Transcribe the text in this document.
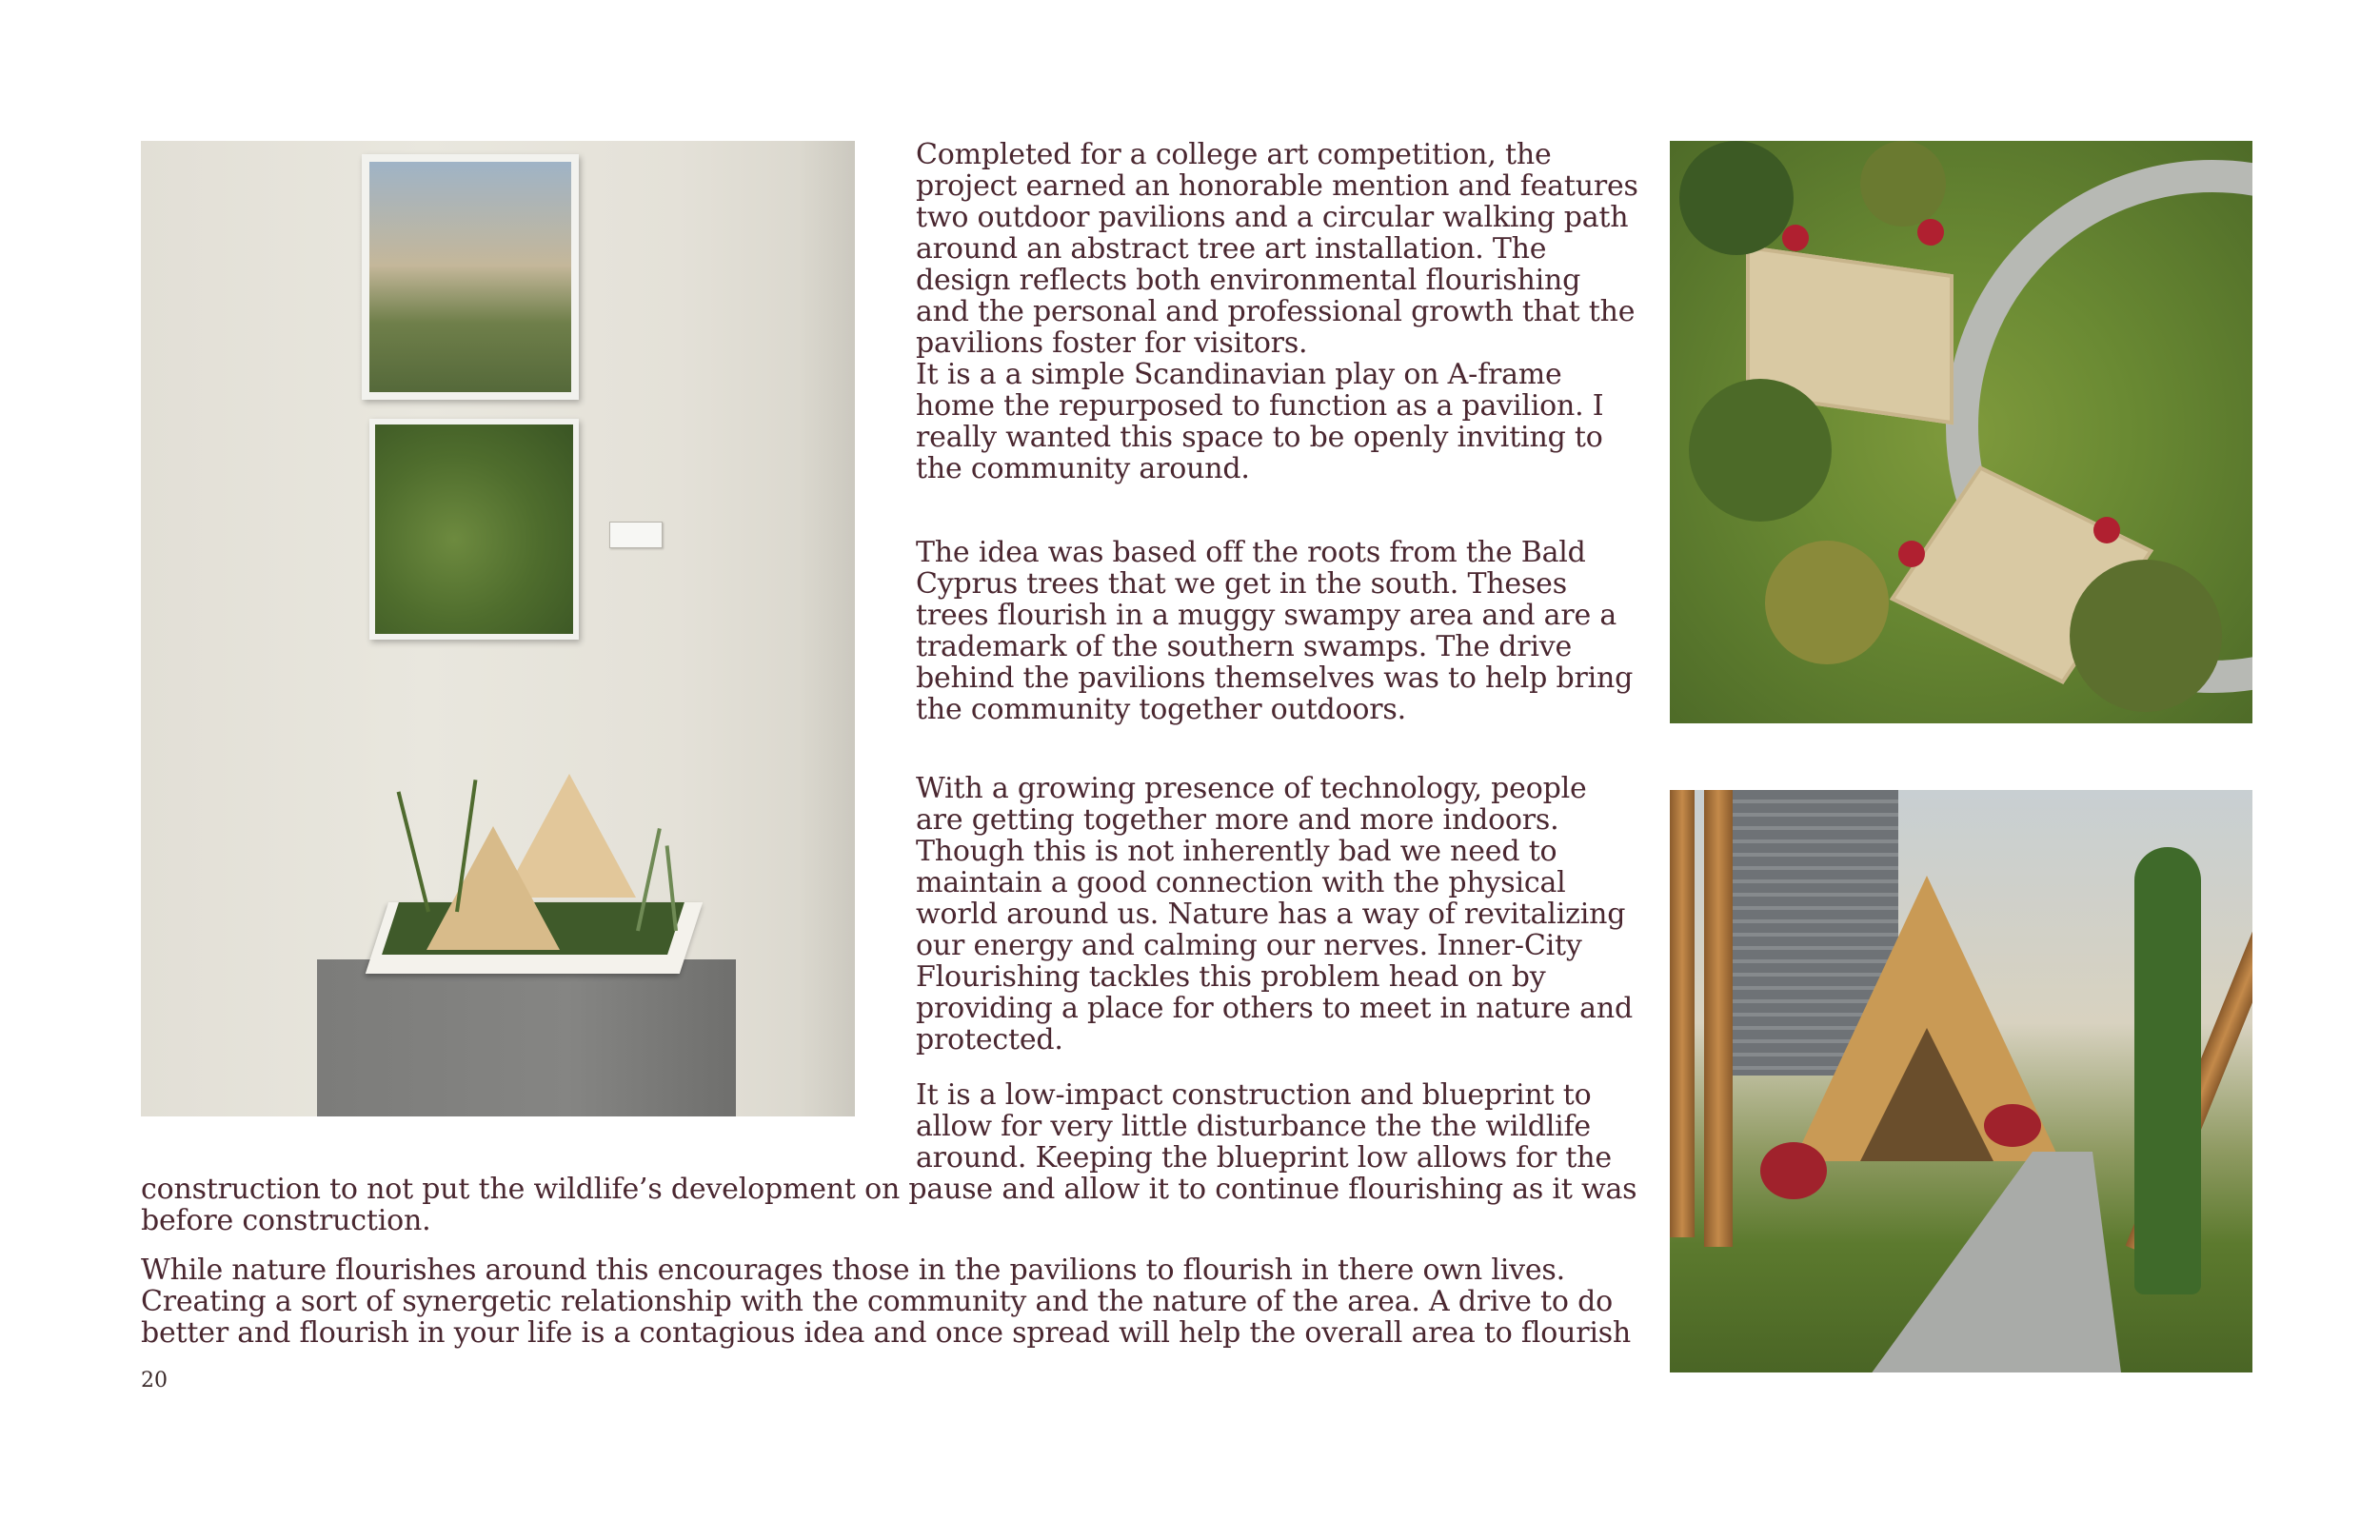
Completed for a college art competition, the project earned an honorable mention and features two outdoor pavilions and a circular walking path around an abstract tree art installation. The design reflects both environmental flourishing and the personal and professional growth that the pavilions foster for visitors.

It is a a simple Scandinavian play on A-frame home the repurposed to function as a pavilion. I really wanted this space to be openly inviting to the community around.

The idea was based off the roots from the Bald Cyprus trees that we get in the south. Theses trees flourish in a muggy swampy area and are a trademark of the southern swamps. The drive behind the pavilions themselves was to help bring the community together outdoors.

With a growing presence of technology, people are getting together more and more indoors. Though this is not inherently bad we need to maintain a good connection with the physical world around us. Nature has a way of revitalizing our energy and calming our nerves. Inner-City Flourishing tackles this problem head on by providing a place for others to meet in nature and protected.

It is a low-impact construction and blueprint to
allow for very little disturbance the the wildlife
around. Keeping the blueprint low allows for the

construction to not put the wildlife’s development on pause and allow it to continue flourishing as it was before construction.

While nature flourishes around this encourages those in the pavilions to flourish in there own lives. Creating a sort of synergetic relationship with the community and the nature of the area. A drive to do better and flourish in your life is a contagious idea and once spread will help the overall area to flourish

20
